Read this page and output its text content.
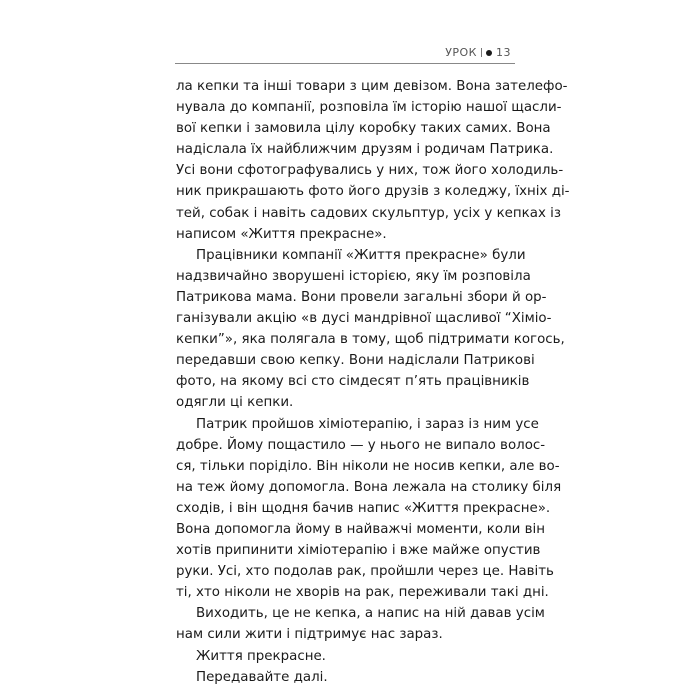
УРОК 13
ла кепки та інші товари з цим девізом. Вона зателефо-
нувала до компанії, розповіла їм історію нашої щасли-
вої кепки і замовила цілу коробку таких самих. Вона
надіслала їх найближчим друзям і родичам Патрика.
Усі вони сфотографувались у них, тож його холодиль-
ник прикрашають фото його друзів з коледжу, їхніх ді-
тей, собак і навіть садових скульптур, усіх у кепках із
написом «Життя прекрасне».
Працівники компанії «Життя прекрасне» були
надзвичайно зворушені історією, яку їм розповіла
Патрикова мама. Вони провели загальні збори й ор-
ганізували акцію «в дусі мандрівної щасливої “Хіміо-
кепки”», яка полягала в тому, щоб підтримати когось,
передавши свою кепку. Вони надіслали Патрикові
фото, на якому всі сто сімдесят п’ять працівників
одягли ці кепки.
Патрик пройшов хіміотерапію, і зараз із ним усе
добре. Йому пощастило — у нього не випало волос-
ся, тільки поріділо. Він ніколи не носив кепки, але во-
на теж йому допомогла. Вона лежала на столику біля
сходів, і він щодня бачив напис «Життя прекрасне».
Вона допомогла йому в найважчі моменти, коли він
хотів припинити хіміотерапію і вже майже опустив
руки. Усі, хто подолав рак, пройшли через це. Навіть
ті, хто ніколи не хворів на рак, переживали такі дні.
Виходить, це не кепка, а напис на ній давав усім
нам сили жити і підтримує нас зараз.
Життя прекрасне.
Передавайте далі.
